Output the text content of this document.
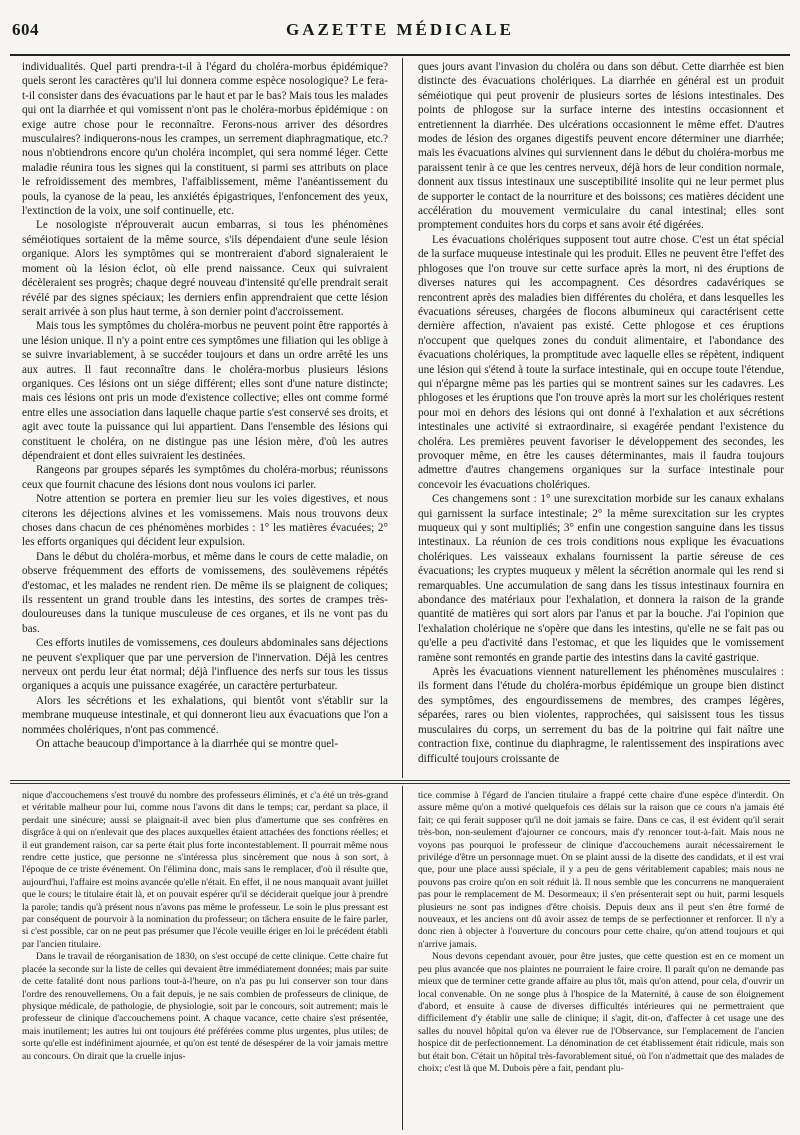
604	GAZETTE MÉDICALE

individualités. Quel parti prendra-t-il à l'égard du choléra-morbus épidémique? quels seront les caractères qu'il lui donnera comme espèce nosologique? Le fera-t-il consister dans des évacuations par le haut et par le bas? Mais tous les malades qui ont la diarrhée et qui vomissent n'ont pas le choléra-morbus épidémique : on exige autre chose pour le reconnaître. Ferons-nous arriver des désordres musculaires? indiquerons-nous les crampes, un serrement diaphragmatique, etc.? nous n'obtiendrons encore qu'un choléra incomplet, qui sera nommé léger. Cette maladie réunira tous les signes qui la constituent, si parmi ses attributs on place le refroidissement des membres, l'affaiblissement, même l'anéantissement du pouls, la cyanose de la peau, les anxiétés épigastriques, l'enfoncement des yeux, l'extinction de la voix, une soif continuelle, etc.

Le nosologiste n'éprouverait aucun embarras, si tous les phénomènes séméiotiques sortaient de la même source, s'ils dépendaient d'une seule lésion organique. Alors les symptômes qui se montreraient d'abord signaleraient le moment où la lésion éclot, où elle prend naissance. Ceux qui suivraient décèleraient ses progrès; chaque degré nouveau d'intensité qu'elle prendrait serait révélé par des signes spéciaux; les derniers enfin apprendraient que cette lésion serait arrivée à son plus haut terme, à son dernier point d'accroissement.

Mais tous les symptômes du choléra-morbus ne peuvent point être rapportés à une lésion unique. Il n'y a point entre ces symptômes une filiation qui les oblige à se suivre invariablement, à se succéder toujours et dans un ordre arrêté les uns aux autres. Il faut reconnaître dans le choléra-morbus plusieurs lésions organiques. Ces lésions ont un siége différent; elles sont d'une nature distincte; mais ces lésions ont pris un mode d'existence collective; elles ont comme formé entre elles une association dans laquelle chaque partie s'est conservé ses droits, et agit avec toute la puissance qui lui appartient. Dans l'ensemble des lésions qui constituent le choléra, on ne distingue pas une lésion mère, d'où les autres dépendraient et dont elles suivraient les destinées.

Rangeons par groupes séparés les symptômes du choléra-morbus; réunissons ceux que fournit chacune des lésions dont nous voulons ici parler.

Notre attention se portera en premier lieu sur les voies digestives, et nous citerons les déjections alvines et les vomissemens. Mais nous trouvons deux choses dans chacun de ces phénomènes morbides : 1° les matières évacuées; 2° les efforts organiques qui décident leur expulsion.

Dans le début du choléra-morbus, et même dans le cours de cette maladie, on observe fréquemment des efforts de vomissemens, des soulèvemens répétés d'estomac, et les malades ne rendent rien. De même ils se plaignent de coliques; ils ressentent un grand trouble dans les intestins, des sortes de crampes très-douloureuses dans la tunique musculeuse de ces organes, et ils ne vont pas du bas.

Ces efforts inutiles de vomissemens, ces douleurs abdominales sans déjections ne peuvent s'expliquer que par une perversion de l'innervation. Déjà les centres nerveux ont perdu leur état normal; déjà l'influence des nerfs sur tous les tissus organiques a acquis une puissance exagérée, un caractère perturbateur.

Alors les sécrétions et les exhalations, qui bientôt vont s'établir sur la membrane muqueuse intestinale, et qui donneront lieu aux évacuations que l'on a nommées cholériques, n'ont pas commencé.

On attache beaucoup d'importance à la diarrhée qui se montre quel-

ques jours avant l'invasion du choléra ou dans son début. Cette diarrhée est bien distincte des évacuations cholériques. La diarrhée en général est un produit séméiotique qui peut provenir de plusieurs sortes de lésions intestinales. Des points de phlogose sur la surface interne des intestins occasionnent et entretiennent la diarrhée. Des ulcérations occasionnent le même effet. D'autres modes de lésion des organes digestifs peuvent encore déterminer une diarrhée; mais les évacuations alvines qui surviennent dans le début du choléra-morbus me paraissent tenir à ce que les centres nerveux, déjà hors de leur condition normale, donnent aux tissus intestinaux une susceptibilité insolite qui ne leur permet plus de supporter le contact de la nourriture et des boissons; ces matières décident une accélération du mouvement vermiculaire du canal intestinal; elles sont promptement conduites hors du corps et sans avoir été digérées.

Les évacuations cholériques supposent tout autre chose. C'est un état spécial de la surface muqueuse intestinale qui les produit. Elles ne peuvent être l'effet des phlogoses que l'on trouve sur cette surface après la mort, ni des éruptions de diverses natures qui les accompagnent. Ces désordres cadavériques se rencontrent après des maladies bien différentes du choléra, et dans lesquelles les évacuations séreuses, chargées de flocons albumineux qui caractérisent cette dernière affection, n'avaient pas existé. Cette phlogose et ces éruptions n'occupent que quelques zones du conduit alimentaire, et l'abondance des évacuations cholériques, la promptitude avec laquelle elles se répètent, indiquent une lésion qui s'étend à toute la surface intestinale, qui en occupe toute l'étendue, qui n'épargne même pas les parties qui se montrent saines sur les cadavres. Les phlogoses et les éruptions que l'on trouve après la mort sur les cholériques restent pour moi en dehors des lésions qui ont donné à l'exhalation et aux sécrétions intestinales une activité si extraordinaire, si exagérée pendant l'existence du choléra. Les premières peuvent favoriser le développement des secondes, les provoquer même, en être les causes déterminantes, mais il faudra toujours admettre d'autres changemens organiques sur la surface intestinale pour concevoir les évacuations cholériques.

Ces changemens sont : 1° une surexcitation morbide sur les canaux exhalans qui garnissent la surface intestinale; 2° la même surexcitation sur les cryptes muqueux qui y sont multipliés; 3° enfin une congestion sanguine dans les tissus intestinaux. La réunion de ces trois conditions nous explique les évacuations cholériques. Les vaisseaux exhalans fournissent la partie séreuse de ces évacuations; les cryptes muqueux y mêlent la sécrétion anormale qui les rend si remarquables. Une accumulation de sang dans les tissus intestinaux fournira en abondance des matériaux pour l'exhalation, et donnera la raison de la grande quantité de matières qui sort alors par l'anus et par la bouche. J'ai l'opinion que l'exhalation cholérique ne s'opère que dans les intestins, qu'elle ne se fait pas ou qu'elle a peu d'activité dans l'estomac, et que les liquides que le vomissement ramène sont remontés en grande partie des intestins dans la cavité gastrique.

Après les évacuations viennent naturellement les phénomènes musculaires : ils forment dans l'étude du choléra-morbus épidémique un groupe bien distinct des symptômes, des engourdissemens de membres, des crampes légères, séparées, rares ou bien violentes, rapprochées, qui saisissent tous les tissus musculaires du corps, un serrement du bas de la poitrine qui fait naître une contraction fixe, continue du diaphragme, le ralentissement des inspirations avec difficulté toujours croissante de

nique d'accouchemens s'est trouvé du nombre des professeurs éliminés, et c'a été un très-grand et véritable malheur pour lui, comme nous l'avons dit dans le temps; car, perdant sa place, il perdait une sinécure; aussi se plaignait-il avec bien plus d'amertume que ses confrères en disgrâce à qui on n'enlevait que des places auxquelles étaient attachées des fonctions réelles; et il eut grandement raison, car sa perte était plus forte incontestablement. Il pourrait même nous rendre cette justice, que personne ne s'intéressa plus sincèrement que nous à son sort, à l'époque de ce triste événement. On l'élimina donc, mais sans le remplacer, d'où il résulte que, aujourd'hui, l'affaire est moins avancée qu'elle n'était. En effet, il ne nous manquait avant juillet que le cours; le titulaire était là, et on pouvait espérer qu'il se déciderait quelque jour à prendre la parole; tandis qu'à présent nous n'avons pas même le professeur. Le soin le plus pressant est par conséquent de pourvoir à la nomination du professeur; on tâchera ensuite de le faire parler, si c'est possible, car on ne peut pas présumer que l'école veuille ériger en loi le précédent établi par l'ancien titulaire.

Dans le travail de réorganisation de 1830, on s'est occupé de cette clinique. Cette chaire fut placée la seconde sur la liste de celles qui devaient être immédiatement données; mais par suite de cette fatalité dont nous parlions tout-à-l'heure, on n'a pas pu lui conserver son tour dans l'ordre des renouvellemens. On a fait depuis, je ne sais combien de professeurs de clinique, de physique médicale, de pathologie, de physiologie, soit par le concours, soit autrement; mais le professeur de clinique d'accouchemens point. A chaque vacance, cette chaire s'est présentée, mais inutilement; les autres lui ont toujours été préférées comme plus urgentes, plus utiles; de sorte qu'elle est indéfiniment ajournée, et qu'on est tenté de désespérer de la voir jamais mettre au concours. On dirait que la cruelle injus-

tice commise à l'égard de l'ancien titulaire a frappé cette chaire d'une espèce d'interdit. On assure même qu'on a motivé quelquefois ces délais sur la raison que ce cours n'a jamais été fait; ce qui ferait supposer qu'il ne doit jamais se faire. Dans ce cas, il est évident qu'il serait très-bon, non-seulement d'ajourner ce concours, mais d'y renoncer tout-à-fait. Mais nous ne voyons pas pourquoi le professeur de clinique d'accouchemens aurait nécessairement le privilége d'être un personnage muet. On se plaint aussi de la disette des candidats, et il est vrai que, pour une place aussi spéciale, il y a peu de gens véritablement capables; mais nous ne pouvons pas croire qu'on en soit réduit là. Il nous semble que les concurrens ne manqueraient pas pour le remplacement de M. Desormeaux; il s'en présenterait sept ou huit, parmi lesquels plusieurs ne sont pas indignes d'être choisis. Depuis deux ans il peut s'en être formé de nouveaux, et les anciens ont dû avoir assez de temps de se perfectionner et renforcer. Il n'y a donc rien à objecter à l'ouverture du concours pour cette chaire, qu'on attend toujours et qui n'arrive jamais.

Nous devons cependant avouer, pour être justes, que cette question est en ce moment un peu plus avancée que nos plaintes ne pourraient le faire croire. Il paraît qu'on ne demande pas mieux que de terminer cette grande affaire au plus tôt, mais qu'on attend, pour cela, d'ouvrir un local convenable. On ne songe plus à l'hospice de la Maternité, à cause de son éloignement d'abord, et ensuite à cause de diverses difficultés intérieures qui ne permettraient que difficilement d'y établir une salle de clinique; il s'agit, dit-on, d'affecter à cet usage une des salles du nouvel hôpital qu'on va élever rue de l'Observance, sur l'emplacement de l'ancien hospice dit de perfectionnement. La dénomination de cet établissement était ridicule, mais son but était bon. C'était un hôpital très-favorablement situé, où l'on n'admettait que des malades de choix; c'est là que M. Dubois père a fait, pendant plu-
